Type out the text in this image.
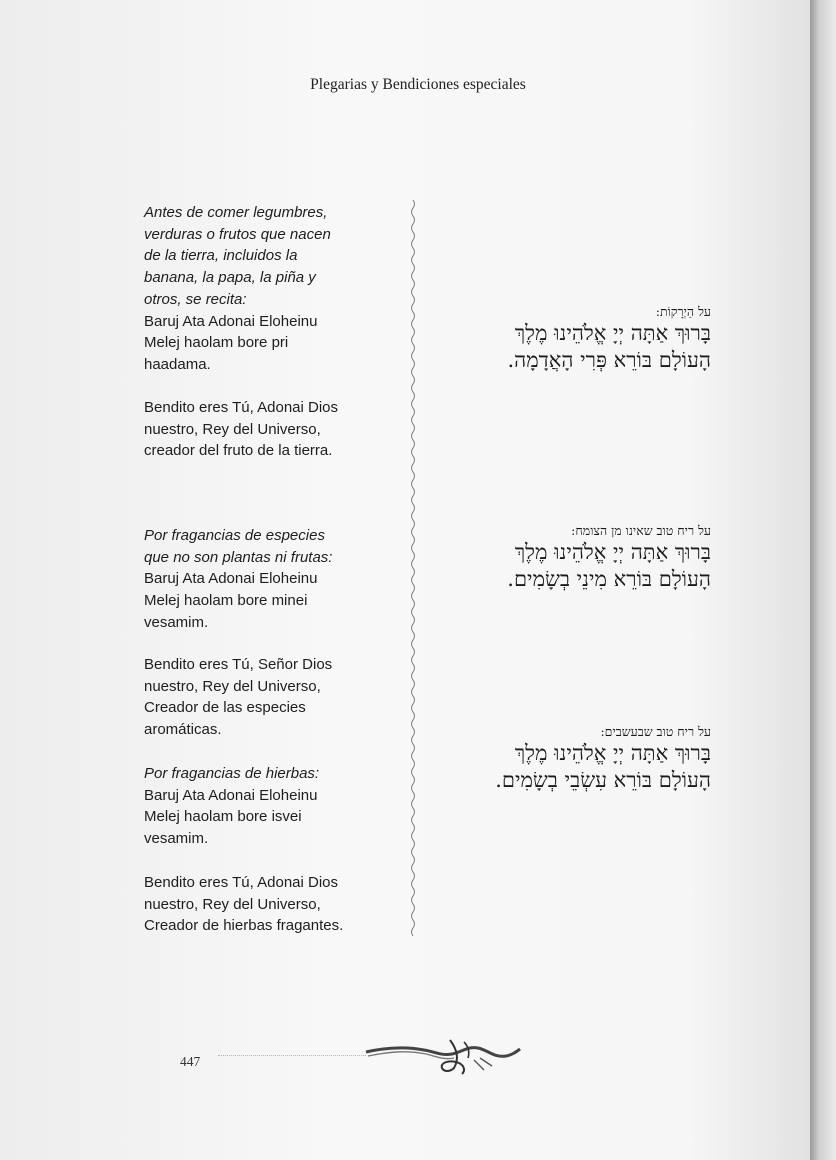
Plegarias y Bendiciones especiales

Antes de comer legumbres,
verduras o frutos que nacen
de la tierra, incluidos la
banana, la papa, la piña y
otros, se recita:

Baruj Ata Adonai Eloheinu
Melej haolam bore pri
haadama.

Bendito eres Tú, Adonai Dios
nuestro, Rey del Universo,
creador del fruto de la tierra.

Por fragancias de especies
que no son plantas ni frutas:

Baruj Ata Adonai Eloheinu
Melej haolam bore minei
vesamim.

Bendito eres Tú, Señor Dios
nuestro, Rey del Universo,
Creador de las especies
aromáticas.

Por fragancias de hierbas:

Baruj Ata Adonai Eloheinu
Melej haolam bore isvei
vesamim.

Bendito eres Tú, Adonai Dios
nuestro, Rey del Universo,
Creador de hierbas fragantes.

על הַיְרָקוֹת:
בָּרוּךְ אַתָּה יְיָ אֱלֹהֵינוּ מֶלֶךְ
הָעוֹלָם בּוֹרֵא פְּרִי הָאֲדָמָה.
על ריח טוב שאינו מן הצומח:
בָּרוּךְ אַתָּה יְיָ אֱלֹהֵינוּ מֶלֶךְ
הָעוֹלָם בּוֹרֵא מִינֵי בְשָׂמִים.
על ריח טוב שבעשבים:
בָּרוּךְ אַתָּה יְיָ אֱלֹהֵינוּ מֶלֶךְ
הָעוֹלָם בּוֹרֵא עִשְׂבֵי בְשָׂמִים.
447
